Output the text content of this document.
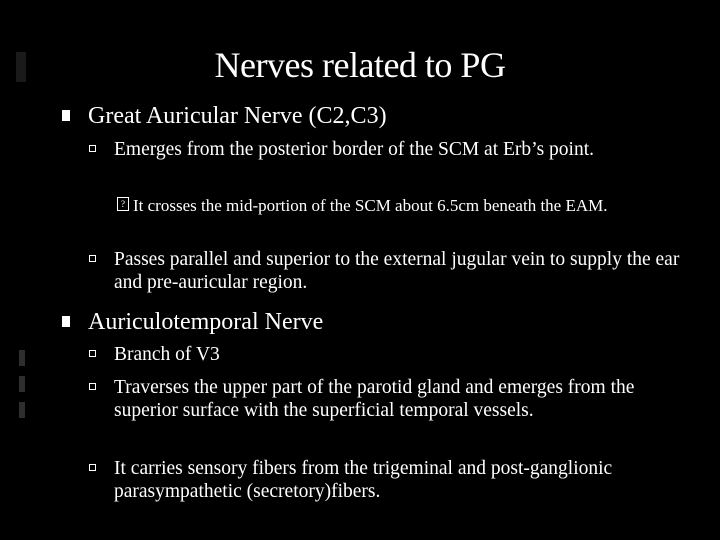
Nerves related to PG
Great Auricular Nerve (C2,C3)
Emerges from the posterior border of the SCM at Erb’s point.
? It crosses the mid-portion of the SCM about 6.5cm beneath the EAM.
Passes parallel and superior to the external jugular vein to supply the ear and pre-auricular region.
Auriculotemporal Nerve
Branch of V3
Traverses the upper part of the parotid gland and emerges from the superior surface with the superficial temporal vessels.
It carries sensory fibers from the trigeminal and post-ganglionic parasympathetic (secretory)fibers.
